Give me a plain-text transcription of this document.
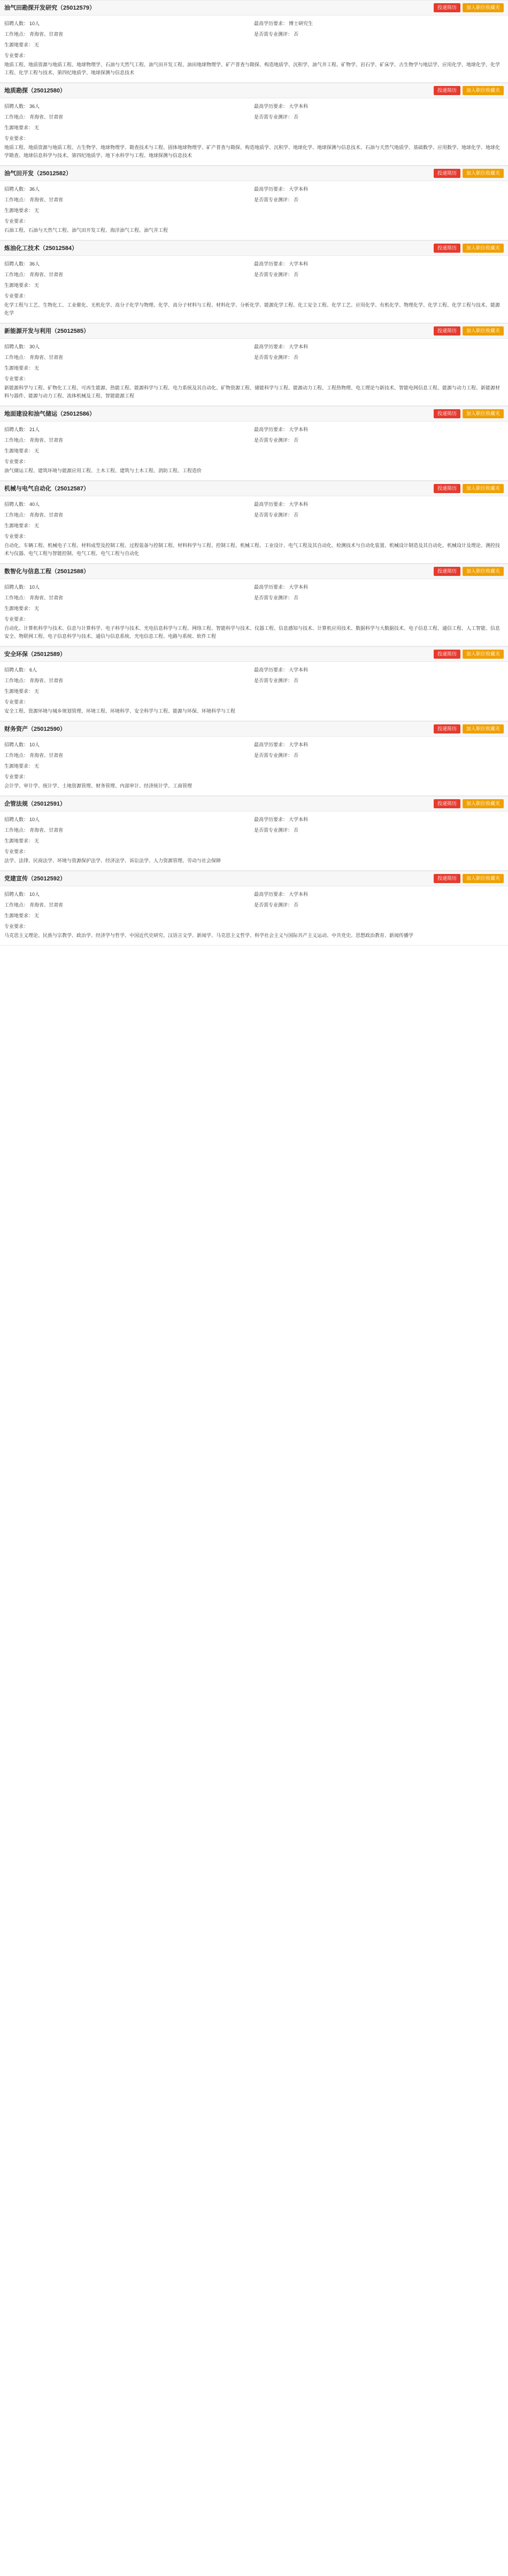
油气田勘探开发研究（25012579）	投递简历	加入职位收藏夹
招聘人数： 10人	最高学历要求： 博士研究生
工作地点： 青海省、甘肃省	是否需专业测评： 否
生源地要求： 无
专业要求：
地质工程、地质资源与地质工程、地球物理学、石油与天然气工程、油气田开发工程、油田地球物理学、矿产普查与勘探、构造地质学、沉积学、油气井工程、矿物学、岩石学、矿床学、古生物学与地层学、应用化学、地球化学、化学工程、化学工程与技术、第四纪地质学、地球探测与信息技术
地质勘探（25012580）	投递简历	加入职位收藏夹
招聘人数： 36人	最高学历要求： 大学本科
工作地点： 青海省、甘肃省	是否需专业测评： 否
生源地要求： 无
专业要求：
地质工程、地质资源与地质工程、古生物学、地球物理学、勘查技术与工程、固体地球物理学、矿产普查与勘探、构造地质学、沉积学、地球化学、地球探测与信息技术、石油与天然气地质学、基础数学、应用数学、地球化学、地球化学勘查、地球信息科学与技术、第四纪地质学、地下水科学与工程、地球探测与信息技术
油气田开发（25012582）	投递简历	加入职位收藏夹
招聘人数： 36人	最高学历要求： 大学本科
工作地点： 青海省、甘肃省	是否需专业测评： 否
生源地要求： 无
专业要求：
石油工程、石油与天然气工程、油气田开发工程、海洋油气工程、油气井工程
炼油化工技术（25012584）	投递简历	加入职位收藏夹
招聘人数： 36人	最高学历要求： 大学本科
工作地点： 青海省、甘肃省	是否需专业测评： 否
生源地要求： 无
专业要求：
化学工程与工艺、生物化工、工业催化、无机化学、高分子化学与物理、化学、高分子材料与工程、材料化学、分析化学、能源化学工程、化工安全工程、化学工艺、应用化学、有机化学、物理化学、化学工程、化学工程与技术、能源化学
新能源开发与利用（25012585）	投递简历	加入职位收藏夹
招聘人数： 30人	最高学历要求： 大学本科
工作地点： 青海省、甘肃省	是否需专业测评： 否
生源地要求： 无
专业要求：
新能源科学与工程、矿物化工工程、可再生能源、热能工程、能源科学与工程、电力系统及其自动化、矿物资源工程、储能科学与工程、能源动力工程、工程热物理、电工理论与新技术、智能电网信息工程、能源与动力工程、新能源材料与器件、能源与动力工程、流体机械及工程、智能能源工程
地面建设和油气储运（25012586）	投递简历	加入职位收藏夹
招聘人数： 21人	最高学历要求： 大学本科
工作地点： 青海省、甘肃省	是否需专业测评： 否
生源地要求： 无
专业要求：
油气储运工程、建筑环境与能源应用工程、土木工程、建筑与土木工程、消防工程、工程造价
机械与电气自动化（25012587）	投递简历	加入职位收藏夹
招聘人数： 40人	最高学历要求： 大学本科
工作地点： 青海省、甘肃省	是否需专业测评： 否
生源地要求： 无
专业要求：
自动化、车辆工程、机械电子工程、材料成型及控制工程、过程装备与控制工程、材料科学与工程、控制工程、机械工程、工业设计、电气工程及其自动化、检测技术与自动化装置、机械设计制造及其自动化、机械设计及理论、测控技术与仪器、电气工程与智能控制、电气工程、电气工程与自动化
数智化与信息工程（25012588）	投递简历	加入职位收藏夹
招聘人数： 10人	最高学历要求： 大学本科
工作地点： 青海省、甘肃省	是否需专业测评： 否
生源地要求： 无
专业要求：
自动化、计算机科学与技术、信息与计算科学、电子科学与技术、光电信息科学与工程、网络工程、智能科学与技术、仪器工程、信息感知与技术、计算机应用技术、数据科学与大数据技术、电子信息工程、通信工程、人工智能、信息安全、物联网工程、电子信息科学与技术、通信与信息系统、光电信息工程、电路与系统、软件工程
安全环保（25012589）	投递简历	加入职位收藏夹
招聘人数： 6人	最高学历要求： 大学本科
工作地点： 青海省、甘肃省	是否需专业测评： 否
生源地要求： 无
专业要求：
安全工程、资源环境与城乡规划管理、环境工程、环境科学、安全科学与工程、能源与环保、环境科学与工程
财务资产（25012590）	投递简历	加入职位收藏夹
招聘人数： 10人	最高学历要求： 大学本科
工作地点： 青海省、甘肃省	是否需专业测评： 否
生源地要求： 无
专业要求：
会计学、审计学、统计学、土地资源管理、财务管理、内部审计、经济统计学、工商管理
企管法规（25012591）	投递简历	加入职位收藏夹
招聘人数： 10人	最高学历要求： 大学本科
工作地点： 青海省、甘肃省	是否需专业测评： 否
生源地要求： 无
专业要求：
法学、法律、民商法学、环境与资源保护法学、经济法学、诉讼法学、人力资源管理、劳动与社会保障
党建宣传（25012592）	投递简历	加入职位收藏夹
招聘人数： 10人	最高学历要求： 大学本科
工作地点： 青海省、甘肃省	是否需专业测评： 否
生源地要求： 无
专业要求：
马克思主义理论、民族与宗教学、政治学、经济学与哲学、中国近代史研究、汉语言文学、新闻学、马克思主义哲学、科学社会主义与国际共产主义运动、中共党史、思想政治教育、新闻传播学
